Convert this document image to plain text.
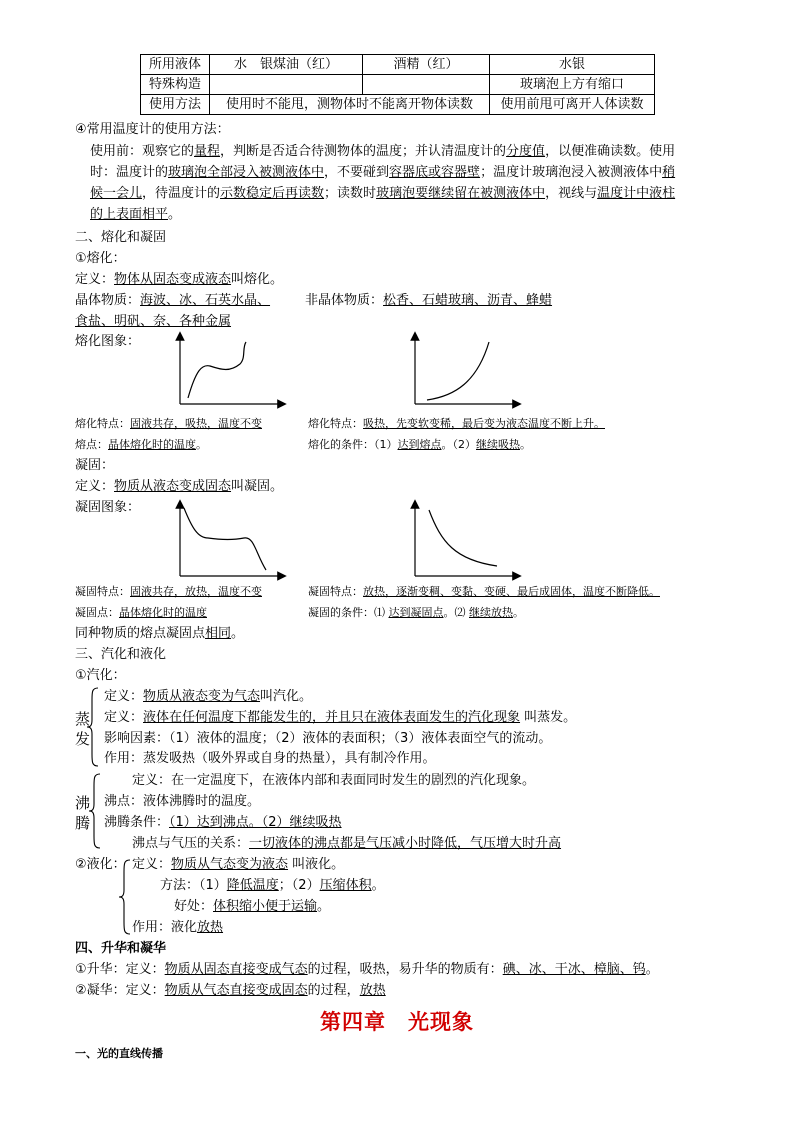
所用液体	水　银煤油（红）	酒精（红）	水银
特殊构造			玻璃泡上方有缩口
使用方法	使用时不能甩，测物体时不能离开物体读数		使用前甩可离开人体读数
④常用温度计的使用方法：
使用前：观察它的量程，判断是否适合待测物体的温度；并认清温度计的分度值，以便准确读数。使用
时：温度计的玻璃泡全部浸入被测液体中，不要碰到容器底或容器壁；温度计玻璃泡浸入被测液体中稍
候一会儿，待温度计的示数稳定后再读数；读数时玻璃泡要继续留在被测液体中，视线与温度计中液柱
的上表面相平。
二、熔化和凝固
①熔化：
定义：物体从固态变成液态叫熔化。
晶体物质：海波、冰、石英水晶、	非晶体物质：松香、石蜡玻璃、沥青、蜂蜡
食盐、明矾、奈、各种金属
熔化图象：
熔化特点：固液共存，吸热，温度不变	熔化特点：吸热，先变软变稀，最后变为液态温度不断上升。
熔点：晶体熔化时的温度。	熔化的条件：（1）达到熔点。（2）继续吸热。
凝固：
定义：物质从液态变成固态叫凝固。
凝固图象：
凝固特点：固液共存，放热，温度不变	凝固特点：放热，逐渐变稠、变黏、变硬、最后成固体，温度不断降低。
凝固点：晶体熔化时的温度	凝固的条件：⑴ 达到凝固点。⑵ 继续放热。
同种物质的熔点凝固点相同。
三、汽化和液化
①汽化：
蒸
发
定义：物质从液态变为气态叫汽化。
定义：液体在任何温度下都能发生的，并且只在液体表面发生的汽化现象 叫蒸发。
影响因素：（1）液体的温度；（2）液体的表面积；（3）液体表面空气的流动。
作用：蒸发吸热（吸外界或自身的热量），具有制冷作用。
沸
腾
定义：在一定温度下，在液体内部和表面同时发生的剧烈的汽化现象。
沸点：液体沸腾时的温度。
沸腾条件：（1）达到沸点。（2）继续吸热
沸点与气压的关系：一切液体的沸点都是气压减小时降低，气压增大时升高
②液化： 定义：物质从气态变为液态 叫液化。
方法：（1）降低温度；（2）压缩体积。
好处：体积缩小便于运输。
作用：液化放热
四、升华和凝华
①升华：定义：物质从固态直接变成气态的过程，吸热，易升华的物质有：碘、冰、干冰、樟脑、钨。
②凝华：定义：物质从气态直接变成固态的过程，放热
第四章　光现象
一、光的直线传播
